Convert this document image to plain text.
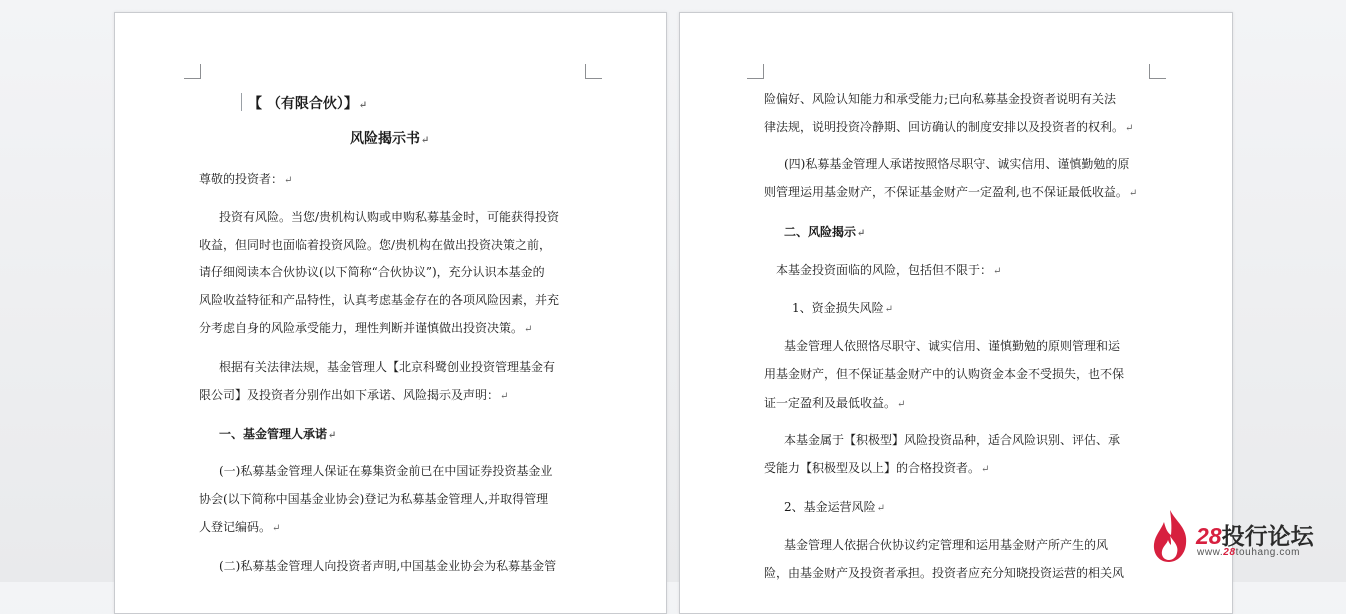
【 （有限合伙）】↵
风险揭示书↵
尊敬的投资者：↵
投资有风险。当您/贵机构认购或申购私募基金时，可能获得投资
收益，但同时也面临着投资风险。您/贵机构在做出投资决策之前，
请仔细阅读本合伙协议(以下简称“合伙协议”)，充分认识本基金的
风险收益特征和产品特性，认真考虑基金存在的各项风险因素，并充
分考虑自身的风险承受能力，理性判断并谨慎做出投资决策。↵
根据有关法律法规，基金管理人【北京科鹭创业投资管理基金有
限公司】及投资者分别作出如下承诺、风险揭示及声明：↵
一、基金管理人承诺↵
(一)私募基金管理人保证在募集资金前已在中国证券投资基金业
协会(以下简称中国基金业协会)登记为私募基金管理人,并取得管理
人登记编码。↵
(二)私募基金管理人向投资者声明,中国基金业协会为私募基金管
险偏好、风险认知能力和承受能力;已向私募基金投资者说明有关法
律法规，说明投资冷静期、回访确认的制度安排以及投资者的权利。↵
(四)私募基金管理人承诺按照恪尽职守、诚实信用、谨慎勤勉的原
则管理运用基金财产，不保证基金财产一定盈利,也不保证最低收益。↵
二、风险揭示↵
本基金投资面临的风险，包括但不限于：↵
1、资金损失风险↵
基金管理人依照恪尽职守、诚实信用、谨慎勤勉的原则管理和运
用基金财产，但不保证基金财产中的认购资金本金不受损失，也不保
证一定盈利及最低收益。↵
本基金属于【积极型】风险投资品种，适合风险识别、评估、承
受能力【积极型及以上】的合格投资者。↵
2、基金运营风险↵
基金管理人依据合伙协议约定管理和运用基金财产所产生的风
险，由基金财产及投资者承担。投资者应充分知晓投资运营的相关风
28投行论坛
www.28touhang.com
